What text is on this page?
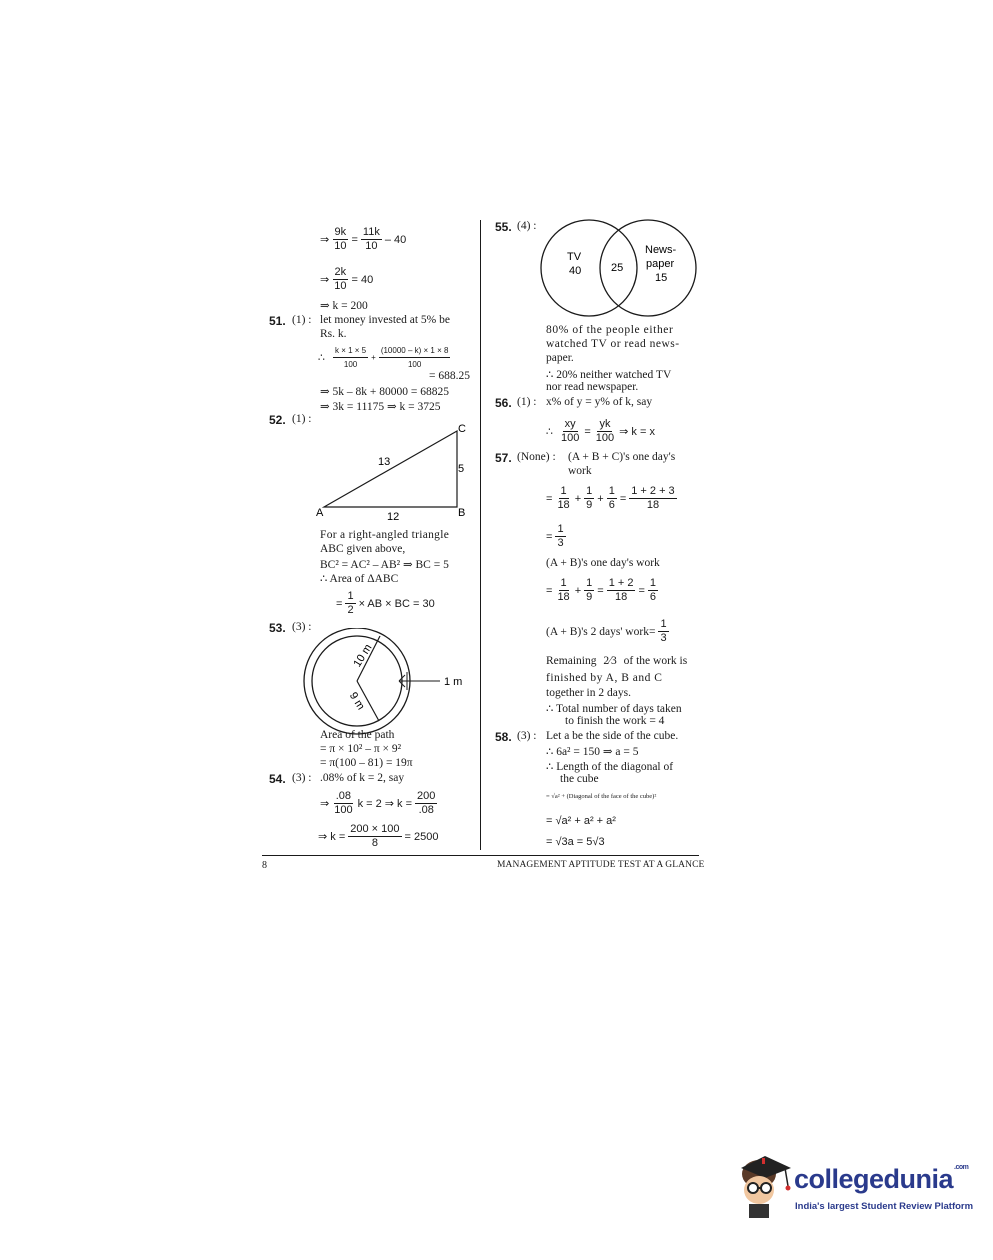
⇒ $\frac{9k}{10} = \frac{11k}{10} - 40$
⇒ $\frac{2k}{10} = 40$
⇒ k = 200
51. (1) : let money invested at 5% be
Rs. k.
∴ $\frac{k \times 1 \times 5}{100} + \frac{(10000 - k) \times 1 \times 8}{100}$
= 688.25
⇒ 5k – 8k + 80000 = 68825
⇒ 3k = 11175 ⇒ k = 3725
52. (1) :
A	B
C
13
12
5
For a right-angled triangle
ABC given above,
BC² = AC² – AB² ⇒ BC = 5
∴ Area of ΔABC
= $\frac{1}{2}$ × AB × BC = 30
53. (3) :
1 m
10 m
9 m
Area of the path
= π × 10² – π × 9²
= π(100 – 81) = 19π
54. (3) : .08% of k = 2, say
⇒ $\frac{.08}{100}$ k = 2 ⇒ $k = \frac{200}{.08}$
⇒ $k = \frac{200 \times 100}{8} = 2500$
55. (4) :
TV
40	25
News-
paper
15
80% of the people either
watched TV or read news-
paper.
∴ 20% neither watched TV
nor read newspaper.
56. (1) : x% of y = y% of k, say
∴ $\frac{xy}{100} = \frac{yk}{100}$ ⇒ k = x
57. (None) : (A + B + C)'s one day's
work
= $\frac{1}{18} + \frac{1}{9} + \frac{1}{6} = \frac{1 + 2 + 3}{18}$
= $\frac{1}{3}$
(A + B)'s one day's work
= $\frac{1}{18} + \frac{1}{9} = \frac{1 + 2}{18} = \frac{1}{6}$
(A + B)'s 2 days' work= $\frac{1}{3}$
Remaining 2⁄3 of the work is
finished by A, B and C
together in 2 days.
∴ Total number of days taken
to finish the work = 4
58. (3) : Let a be the side of the cube.
∴ 6a² = 150 ⇒ a = 5
∴ Length of the diagonal of
the cube
= √a² + (Diagonal of the face of the cube)²
= √a² + a² + a²
= √3a = 5√3
8	MANAGEMENT APTITUDE TEST AT A GLANCE
collegedunia$^{.com}$
India's largest Student Review Platform
